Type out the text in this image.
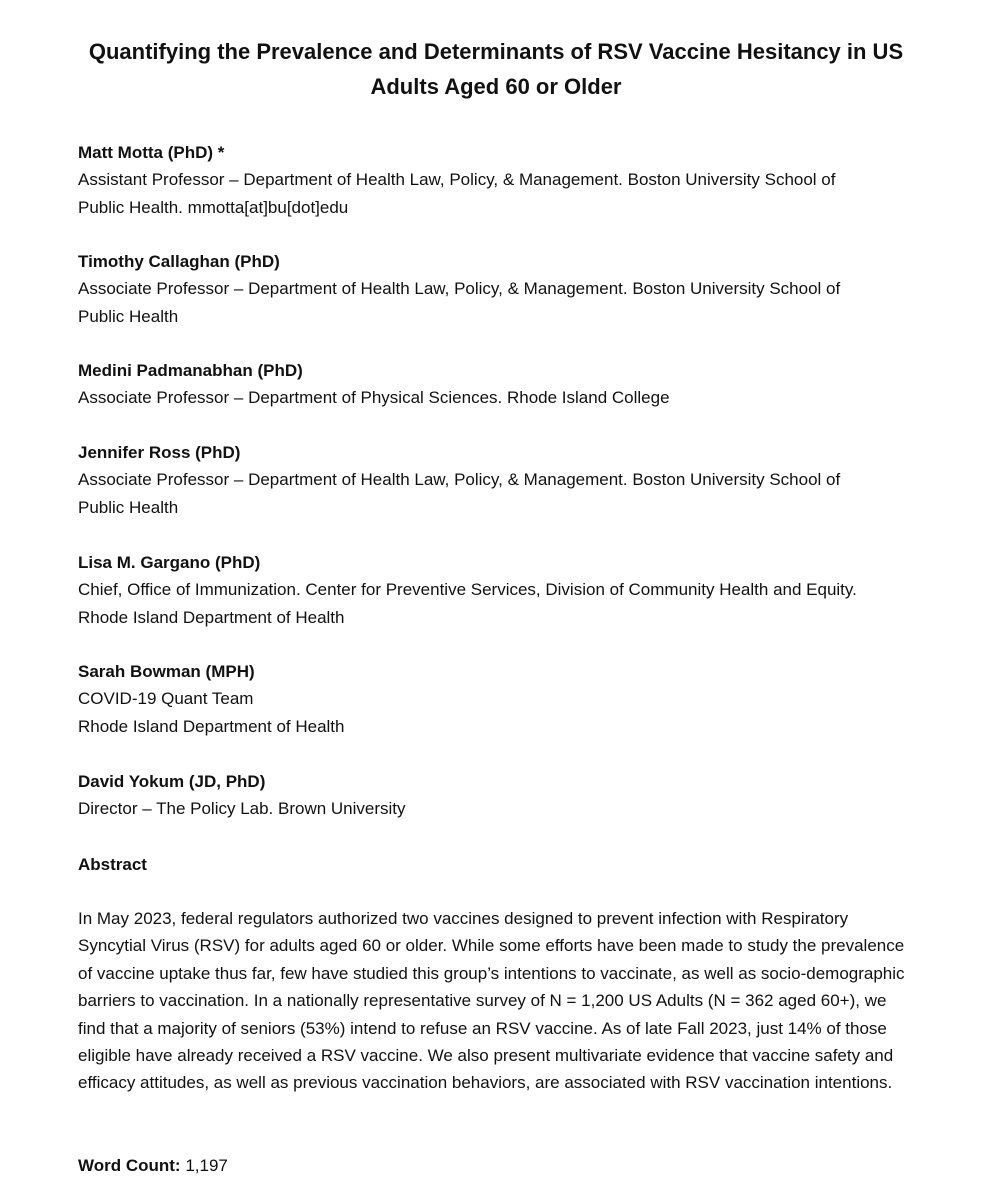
Quantifying the Prevalence and Determinants of RSV Vaccine Hesitancy in US Adults Aged 60 or Older
Matt Motta (PhD) *
Assistant Professor – Department of Health Law, Policy, & Management. Boston University School of
Public Health. mmotta[at]bu[dot]edu
Timothy Callaghan (PhD)
Associate Professor – Department of Health Law, Policy, & Management. Boston University School of
Public Health
Medini Padmanabhan (PhD)
Associate Professor – Department of Physical Sciences. Rhode Island College
Jennifer Ross (PhD)
Associate Professor – Department of Health Law, Policy, & Management. Boston University School of
Public Health
Lisa M. Gargano (PhD)
Chief, Office of Immunization. Center for Preventive Services, Division of Community Health and Equity.
Rhode Island Department of Health
Sarah Bowman (MPH)
COVID-19 Quant Team
Rhode Island Department of Health
David Yokum (JD, PhD)
Director – The Policy Lab. Brown University
Abstract

In May 2023, federal regulators authorized two vaccines designed to prevent infection with Respiratory Syncytial Virus (RSV) for adults aged 60 or older. While some efforts have been made to study the prevalence of vaccine uptake thus far, few have studied this group’s intentions to vaccinate, as well as socio-demographic barriers to vaccination. In a nationally representative survey of N = 1,200 US Adults (N = 362 aged 60+), we find that a majority of seniors (53%) intend to refuse an RSV vaccine. As of late Fall 2023, just 14% of those eligible have already received a RSV vaccine. We also present multivariate evidence that vaccine safety and efficacy attitudes, as well as previous vaccination behaviors, are associated with RSV vaccination intentions.

Word Count: 1,197
